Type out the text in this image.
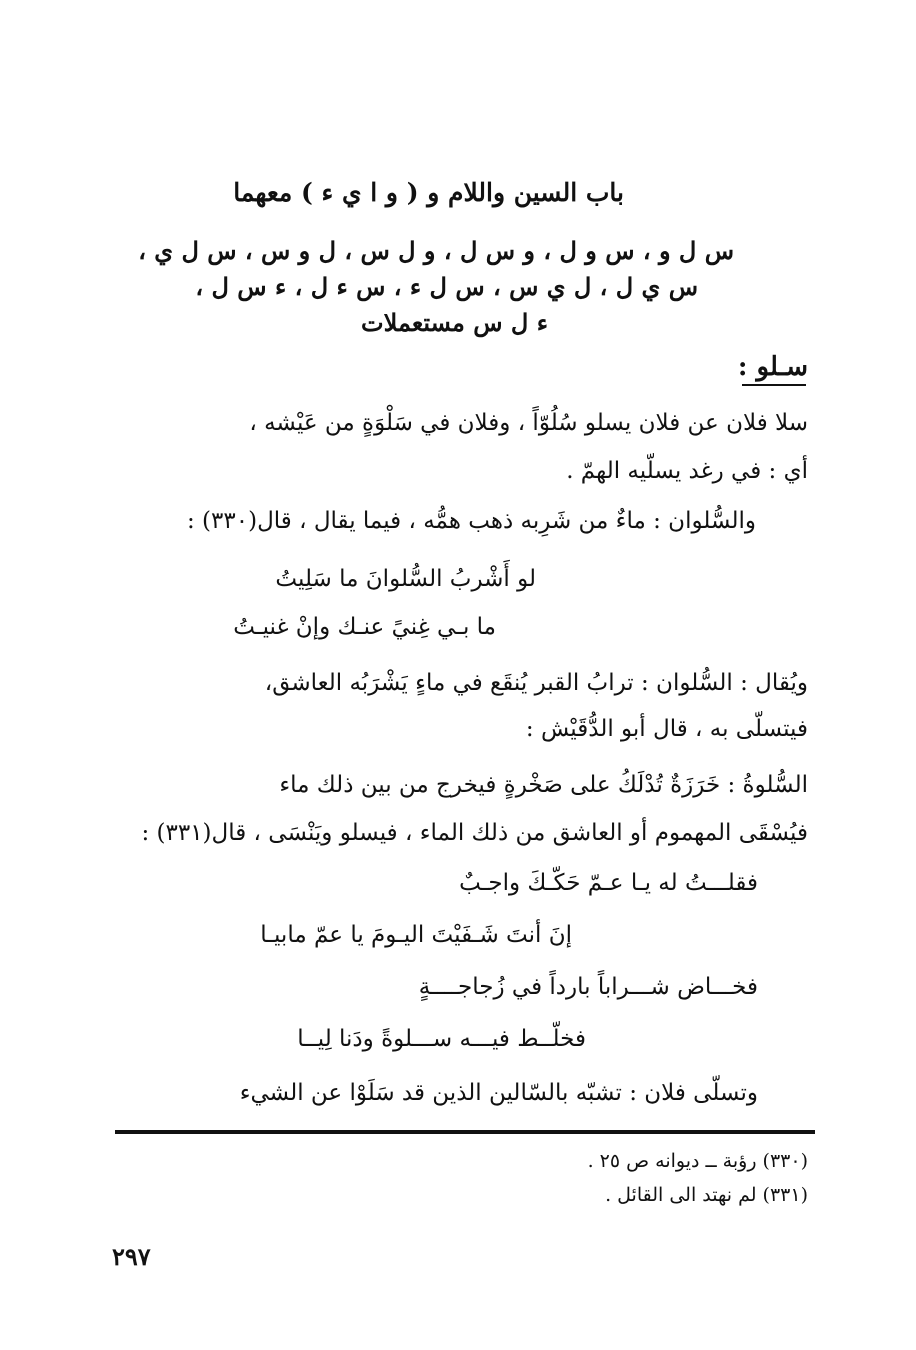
باب السين واللام و ( و ا ي ء ) معهما
س ل و ، س و ل ، و س ل ، و ل س ، ل و س ، س ل ي ،
س ي ل ، ل ي س ، س ل ء ، س ء ل ، ء س ل ،
ء ل س مستعملات
سـلو :
سلا فلان عن فلان يسلو سُلُوّاً ، وفلان في سَلْوَةٍ من عَيْشه ،
أي : في رغد يسلّيه الهمّ .
والسُّلوان : ماءٌ من شَرِبه ذهب همُّه ، فيما يقال ، قال(٣٣٠) :
لو أَشْربُ السُّلوانَ ما سَلِيتُ
ما بـي غِنيً عنـك وإنْ غنيـتُ
ويُقال : السُّلوان : ترابُ القبر يُنقَع في ماءٍ يَشْرَبُه العاشق،
فيتسلّى به ، قال أبو الدُّقَيْش :
السُّلوةُ : خَرَزَةٌ تُدْلَكُ على صَخْرةٍ فيخرج من بين ذلك ماء
فيُسْقَى المهموم أو العاشق من ذلك الماء ، فيسلو ويَنْسَى ، قال(٣٣١) :
فقلـــتُ له يـا عـمّ حَكّـكَ واجـبٌ
إنَ أنتَ شَـفَيْتَ اليـومَ يا عمّ مابيـا
فخـــاض شـــراباً بارداً في زُجاجــــةٍ
فخلّــط فيـــه ســـلوةً ودَنا لِيــا
وتسلّى فلان : تشبّه بالسّالين الذين قد سَلَوْا عن الشيء
(٣٣٠) رؤبة ــ ديوانه ص ٢٥ .
(٣٣١) لم نهتد الى القائل .
٢٩٧
